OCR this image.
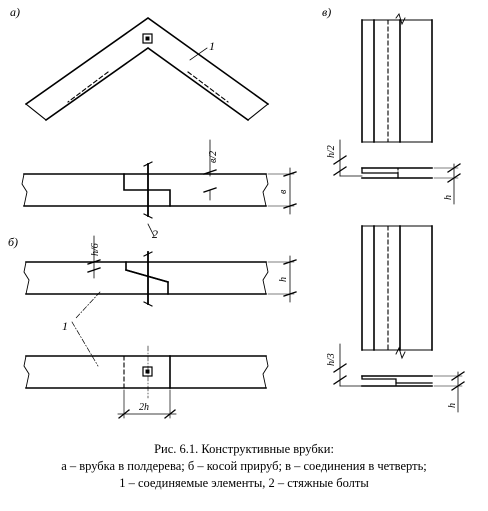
а)
б)
в)
1
2
1
в/2
в
h/6
h
2h
h/2
h
h/3
h
Рис. 6.1. Конструктивные врубки:
а – врубка в полдерева; б – косой прируб; в – соединения в четверть;
1 – соединяемые элементы, 2 – стяжные болты
